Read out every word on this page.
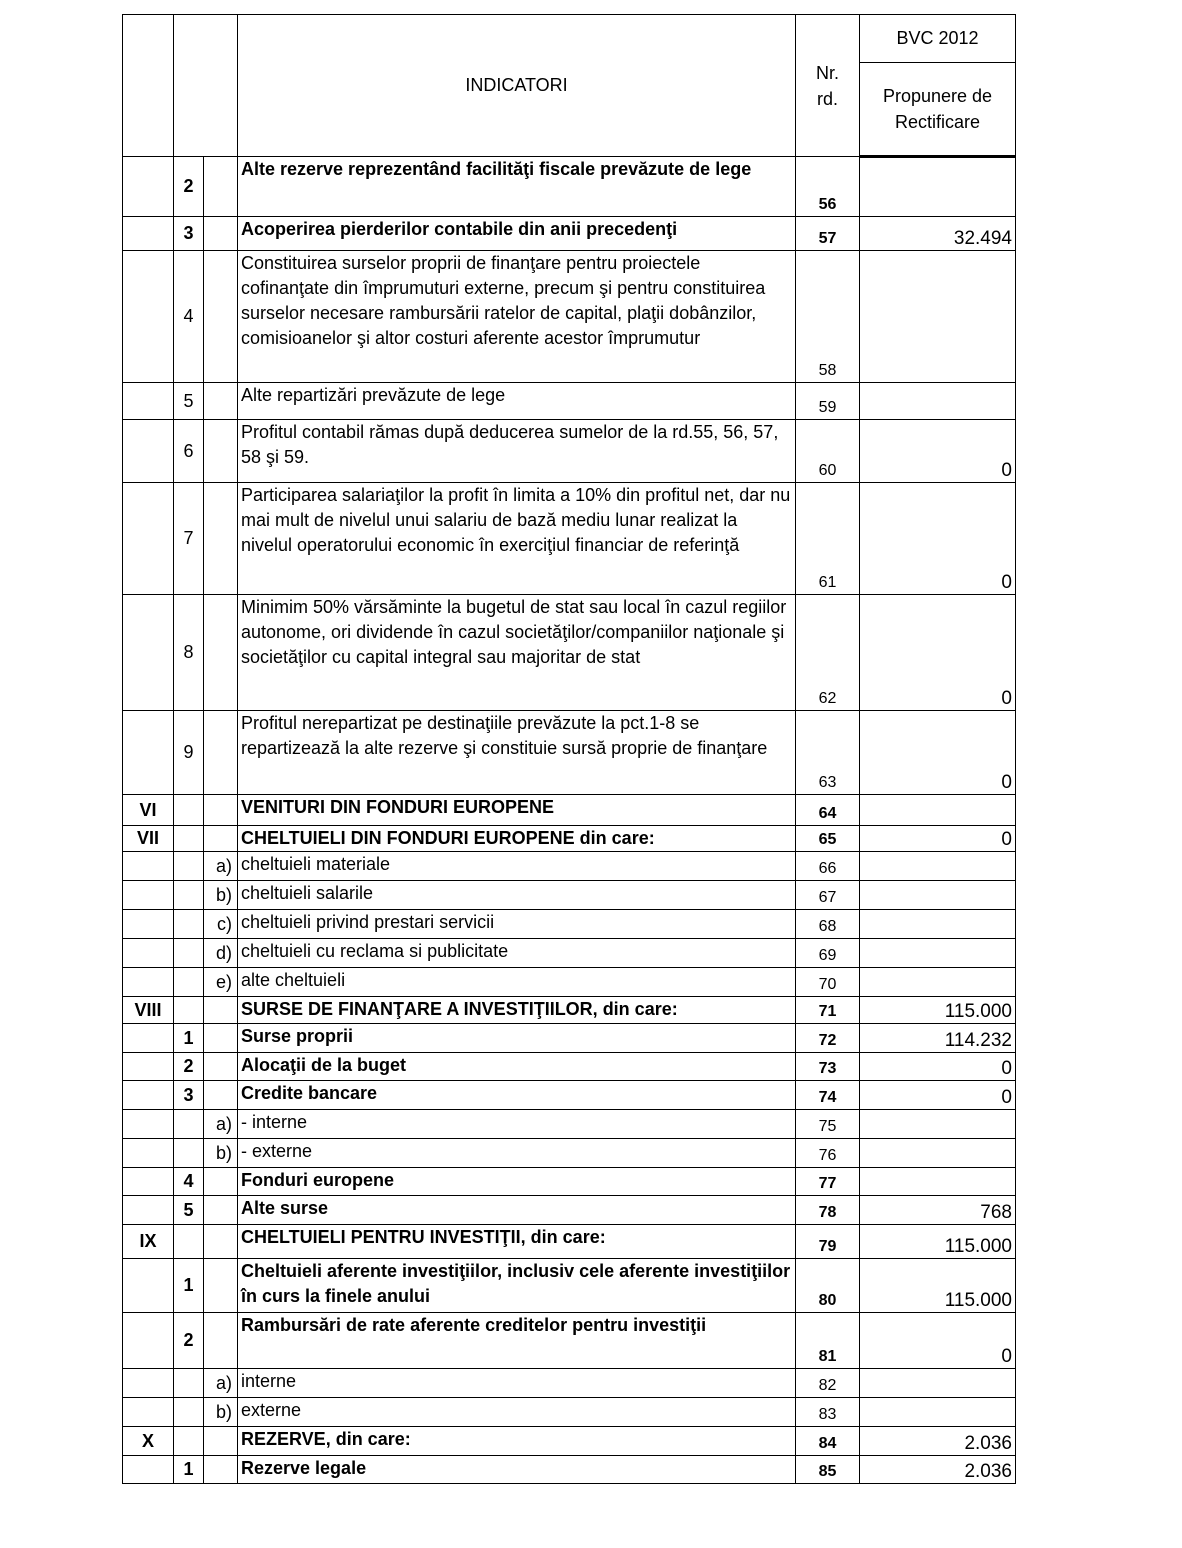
			INDICATORI	Nr. rd.	BVC 2012
					Propunere de Rectificare
	2		Alte rezerve reprezentând facilităţi fiscale prevăzute de lege	56	
	3		Acoperirea pierderilor contabile din anii precedenţi	57	32.494
	4		Constituirea surselor proprii de finanţare pentru proiectele cofinanţate din împrumuturi externe, precum şi pentru constituirea surselor necesare rambursării ratelor de capital, plaţii dobânzilor, comisioanelor şi altor costuri aferente acestor împrumutur	58	
	5		Alte repartizări prevăzute de lege	59	
	6		Profitul contabil rămas după deducerea sumelor de la rd.55, 56, 57, 58 şi 59.	60	0
	7		Participarea salariaţilor la profit în limita a 10% din profitul net, dar nu mai mult de nivelul unui salariu de bază mediu lunar realizat la nivelul operatorului economic în exerciţiul financiar de referinţă	61	0
	8		Minimim 50% vărsăminte la bugetul de stat sau local în cazul regiilor autonome, ori dividende în cazul societăţilor/companiilor naţionale şi societăţilor cu capital integral sau majoritar de stat	62	0
	9		Profitul nerepartizat pe destinaţiile prevăzute la pct.1-8 se repartizează la alte rezerve şi constituie sursă proprie de finanţare	63	0
VI			VENITURI DIN FONDURI EUROPENE	64	
VII			CHELTUIELI DIN FONDURI EUROPENE din care:	65	0
		a)	cheltuieli materiale	66	
		b)	cheltuieli salarile	67	
		c)	cheltuieli privind prestari servicii	68	
		d)	cheltuieli cu reclama si publicitate	69	
		e)	alte cheltuieli	70	
VIII			SURSE DE FINANŢARE A INVESTIŢIILOR, din care:	71	115.000
	1		Surse proprii	72	114.232
	2		Alocaţii de la buget	73	0
	3		Credite bancare	74	0
		a)	- interne	75	
		b)	- externe	76	
	4		Fonduri europene	77	
	5		Alte surse	78	768
IX			CHELTUIELI PENTRU INVESTIŢII, din care:	79	115.000
	1		Cheltuieli aferente investiţiilor, inclusiv cele aferente investiţiilor în curs la finele anului	80	115.000
	2		Rambursări de rate aferente creditelor pentru investiţii	81	0
		a)	interne	82	
		b)	externe	83	
X			REZERVE, din care:	84	2.036
	1		Rezerve legale	85	2.036
